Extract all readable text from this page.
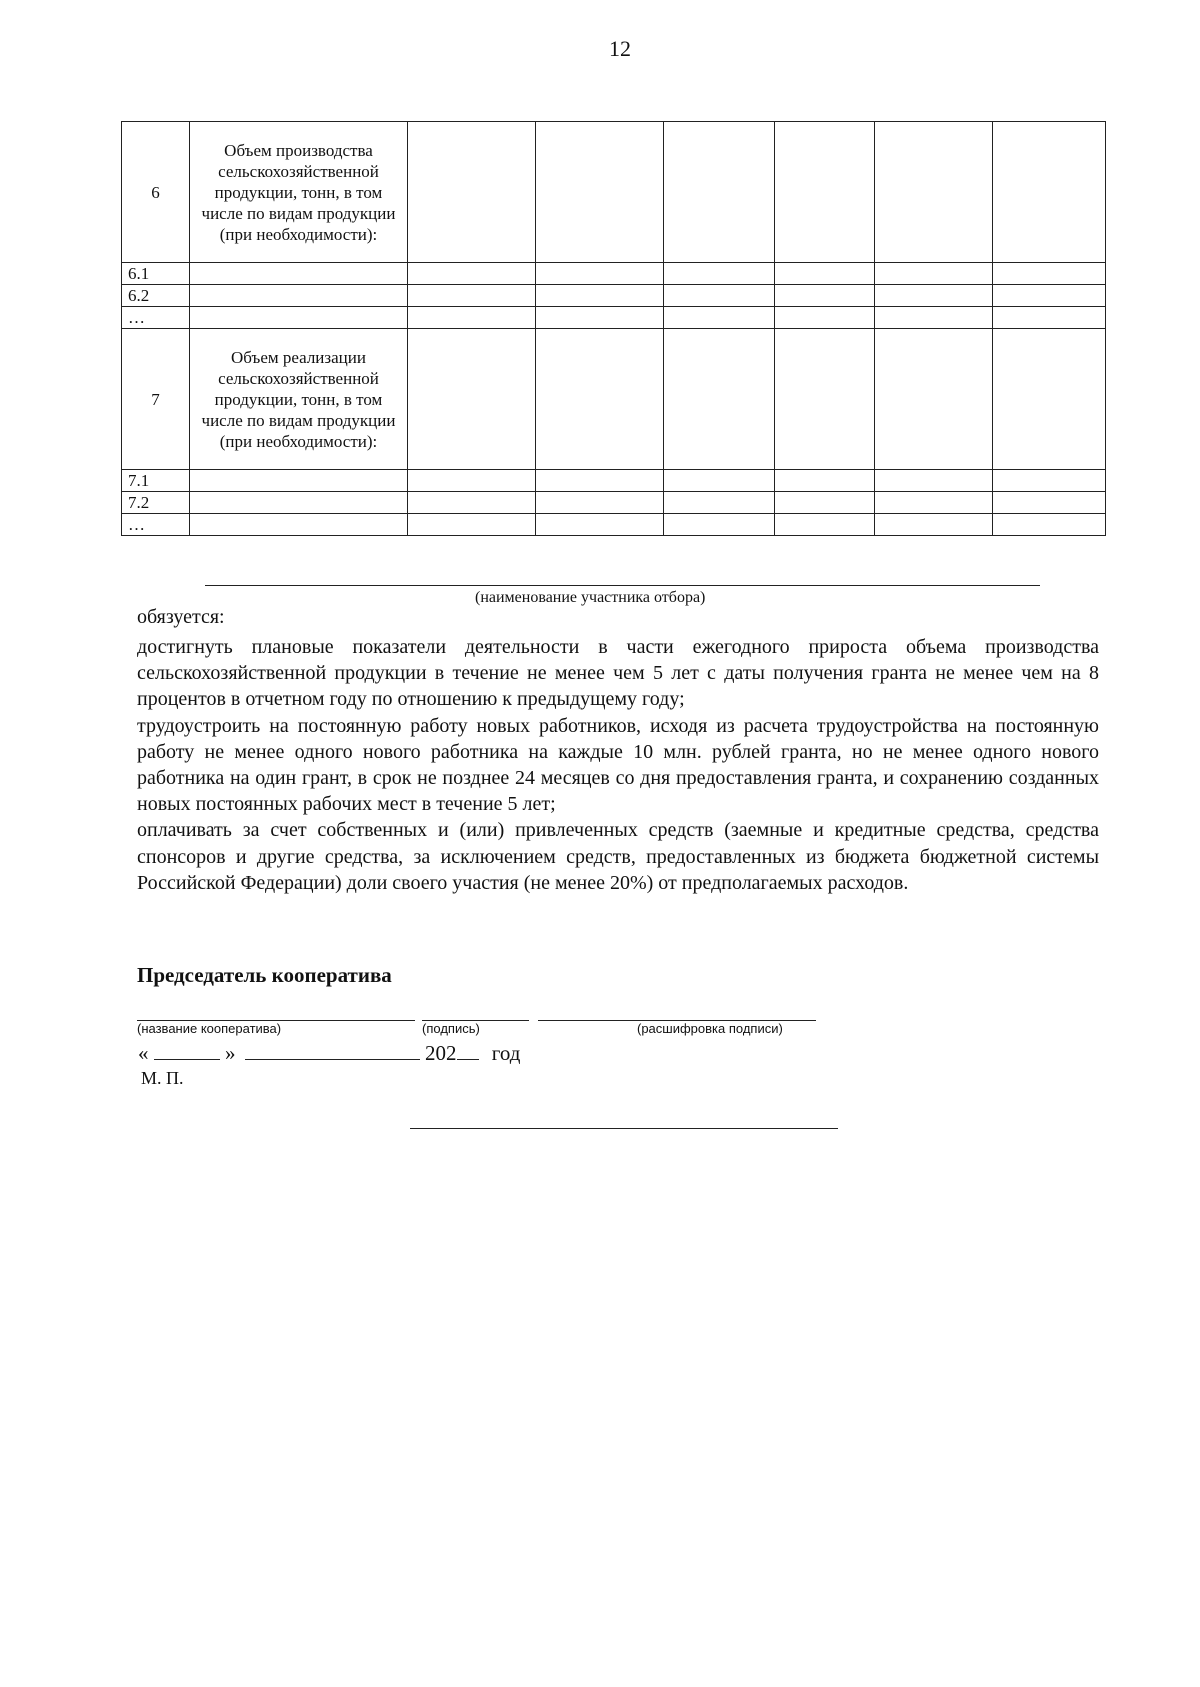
12
6	Объем производства сельскохозяйственной продукции, тонн, в том числе по видам продукции (при необходимости):						
6.1							
6.2							
…							
7	Объем реализации сельскохозяйственной продукции, тонн, в том числе по видам продукции (при необходимости):						
7.1							
7.2							
…							
(наименование участника отбора)
обязуется:

достигнуть плановые показатели деятельности в части ежегодного прироста объема производства сельскохозяйственной продукции в течение не менее чем 5 лет с даты получения гранта не менее чем на 8 процентов в отчетном году по отношению к предыдущему году;

трудоустроить на постоянную работу новых работников, исходя из расчета трудоустройства на постоянную работу не менее одного нового работника на каждые 10 млн. рублей гранта, но не менее одного нового работника на один грант, в срок не позднее 24 месяцев со дня предоставления гранта, и сохранению созданных новых постоянных рабочих мест в течение 5 лет;

оплачивать за счет собственных и (или) привлеченных средств (заемные и кредитные средства, средства спонсоров и другие средства, за исключением средств, предоставленных из бюджета бюджетной системы Российской Федерации) доли своего участия (не менее 20%) от предполагаемых расходов.

Председатель кооператива
(название кооператива)	(подпись)	(расшифровка подписи)
«	»	202 год
М. П.
